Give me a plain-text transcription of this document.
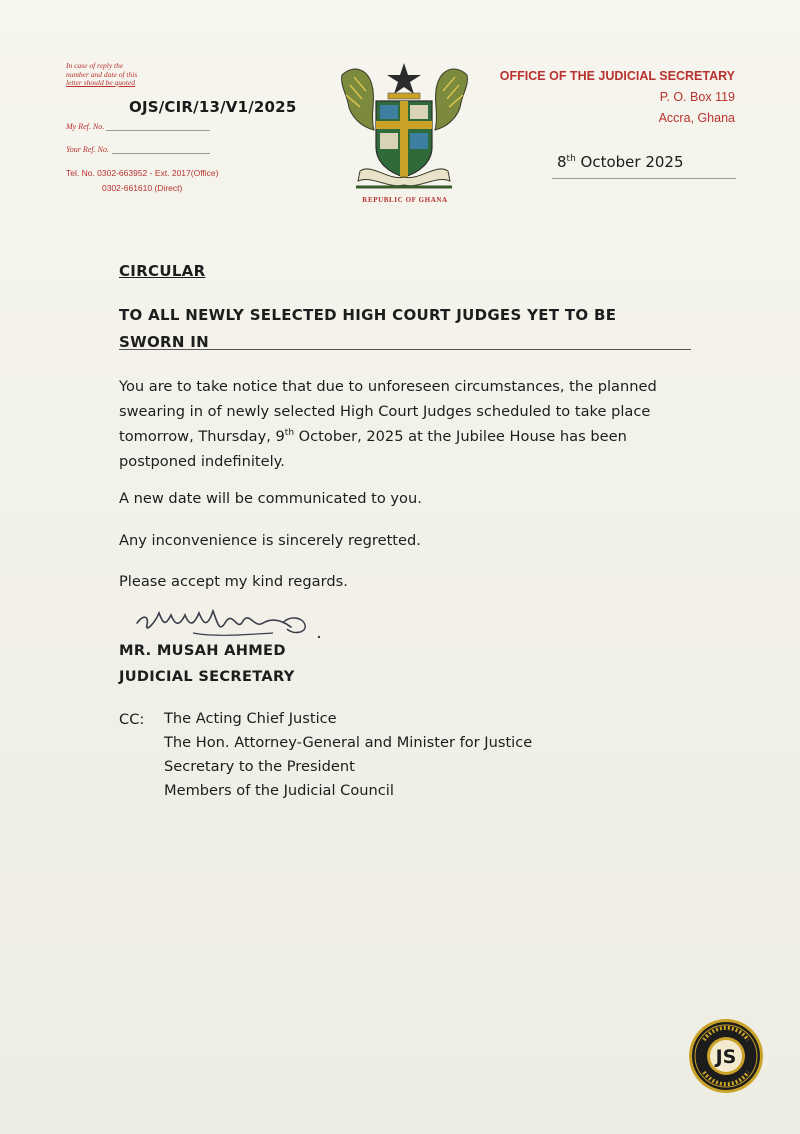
In case of reply the
number and date of this
letter should be quoted
OJS/CIR/13/V1/2025
My Ref. No.
Your Ref. No.
Tel. No. 0302-663952 - Ext. 2017(Office)
0302-661610 (Direct)
REPUBLIC OF GHANA
OFFICE OF THE JUDICIAL SECRETARY
P. O. Box 119
Accra, Ghana
8th October 2025
CIRCULAR
TO ALL NEWLY SELECTED HIGH COURT JUDGES YET TO BE
SWORN IN
You are to take notice that due to unforeseen circumstances, the planned
swearing in of newly selected High Court Judges scheduled to take place
tomorrow, Thursday, 9th October, 2025 at the Jubilee House has been
postponed indefinitely.
A new date will be communicated to you.
Any inconvenience is sincerely regretted.
Please accept my kind regards.
MR. MUSAH AHMED
JUDICIAL SECRETARY
CC: The Acting Chief Justice
The Hon. Attorney-General and Minister for Justice
Secretary to the President
Members of the Judicial Council
JS
